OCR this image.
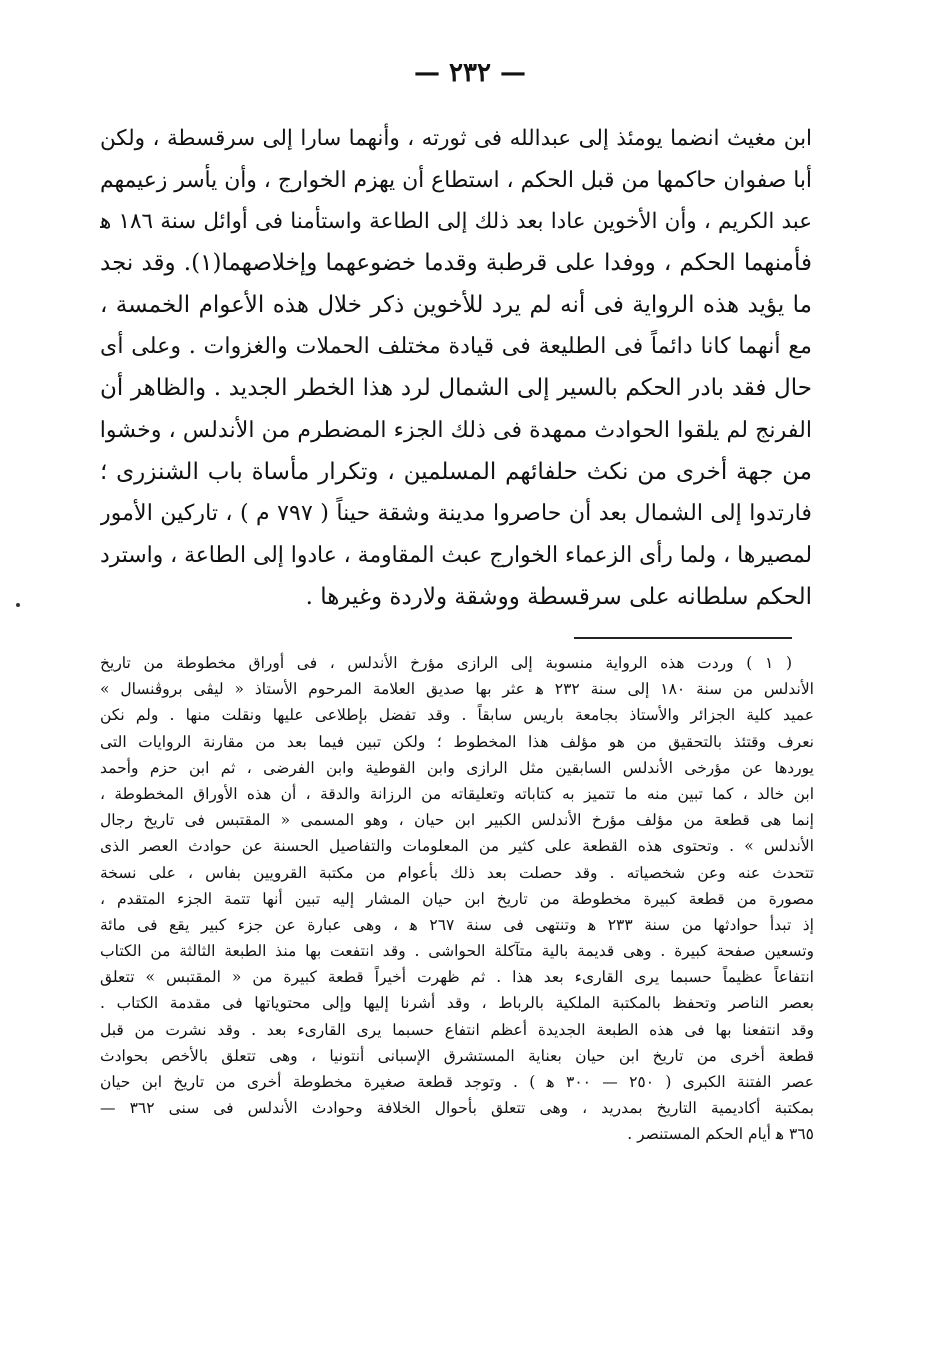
— ٢٣٢ —
ابن مغيث انضما يومئذ إلى عبدالله فى ثورته ، وأنهما سارا إلى سرقسطة ، ولكن
أبا صفوان حاكمها من قبل الحكم ، استطاع أن يهزم الخوارج ، وأن يأسر زعيمهم
عبد الكريم ، وأن الأخوين عادا بعد ذلك إلى الطاعة واستأمنا فى أوائل سنة ١٨٦ ﻫ
فأمنهما الحكم ، ووفدا على قرطبة وقدما خضوعهما وإخلاصهما(١). وقد نجد
ما يؤيد هذه الرواية فى أنه لم يرد للأخوين ذكر خلال هذه الأعوام الخمسة ،
مع أنهما كانا دائماً فى الطليعة فى قيادة مختلف الحملات والغزوات . وعلى أى
حال فقد بادر الحكم بالسير إلى الشمال لرد هذا الخطر الجديد . والظاهر أن
الفرنج لم يلقوا الحوادث ممهدة فى ذلك الجزء المضطرم من الأندلس ، وخشوا
من جهة أخرى من نكث حلفائهم المسلمين ، وتكرار مأساة باب الشنزرى ؛
فارتدوا إلى الشمال بعد أن حاصروا مدينة وشقة حيناً ( ٧٩٧ م ) ، تاركين الأمور
لمصيرها ، ولما رأى الزعماء الخوارج عبث المقاومة ، عادوا إلى الطاعة ، واسترد
الحكم سلطانه على سرقسطة ووشقة ولاردة وغيرها .
( ١ ) وردت هذه الرواية منسوبة إلى الرازى مؤرخ الأندلس ، فى أوراق مخطوطة من تاريخ
الأندلس من سنة ١٨٠ إلى سنة ٢٣٢ ﻫ عثر بها صديق العلامة المرحوم الأستاذ « ليڤى بروڤنسال »
عميد كلية الجزائر والأستاذ بجامعة باريس سابقاً . وقد تفضل بإطلاعى عليها ونقلت منها . ولم نكن
نعرف وقتئذ بالتحقيق من هو مؤلف هذا المخطوط ؛ ولكن تبين فيما بعد من مقارنة الروايات التى
يوردها عن مؤرخى الأندلس السابقين مثل الرازى وابن القوطية وابن الفرضى ، ثم ابن حزم وأحمد
ابن خالد ، كما تبين منه ما تتميز به كتاباته وتعليقاته من الرزانة والدقة ، أن هذه الأوراق المخطوطة ،
إنما هى قطعة من مؤلف مؤرخ الأندلس الكبير ابن حيان ، وهو المسمى « المقتبس فى تاريخ رجال
الأندلس » . وتحتوى هذه القطعة على كثير من المعلومات والتفاصيل الحسنة عن حوادث العصر الذى
تتحدث عنه وعن شخصياته . وقد حصلت بعد ذلك بأعوام من مكتبة القرويين بفاس ، على نسخة
مصورة من قطعة كبيرة مخطوطة من تاريخ ابن حيان المشار إليه تبين أنها تتمة الجزء المتقدم ،
إذ تبدأ حوادثها من سنة ٢٣٣ ﻫ وتنتهى فى سنة ٢٦٧ ﻫ ، وهى عبارة عن جزء كبير يقع فى مائة
وتسعين صفحة كبيرة . وهى قديمة بالية متآكلة الحواشى . وقد انتفعت بها منذ الطبعة الثالثة من الكتاب
انتفاعاً عظيماً حسبما يرى القارىء بعد هذا . ثم ظهرت أخيراً قطعة كبيرة من « المقتبس » تتعلق
بعصر الناصر وتحفظ بالمكتبة الملكية بالرباط ، وقد أشرنا إليها وإلى محتوياتها فى مقدمة الكتاب .
وقد انتفعنا بها فى هذه الطبعة الجديدة أعظم انتفاع حسبما يرى القارىء بعد . وقد نشرت من قبل
قطعة أخرى من تاريخ ابن حيان بعناية المستشرق الإسبانى أنتونيا ، وهى تتعلق بالأخص بحوادث
عصر الفتنة الكبرى ( ٢٥٠ — ٣٠٠ ﻫ ) . وتوجد قطعة صغيرة مخطوطة أخرى من تاريخ ابن حيان
بمكتبة أكاديمية التاريخ بمدريد ، وهى تتعلق بأحوال الخلافة وحوادث الأندلس فى سنى ٣٦٢ —
٣٦٥ ﻫ أيام الحكم المستنصر .
